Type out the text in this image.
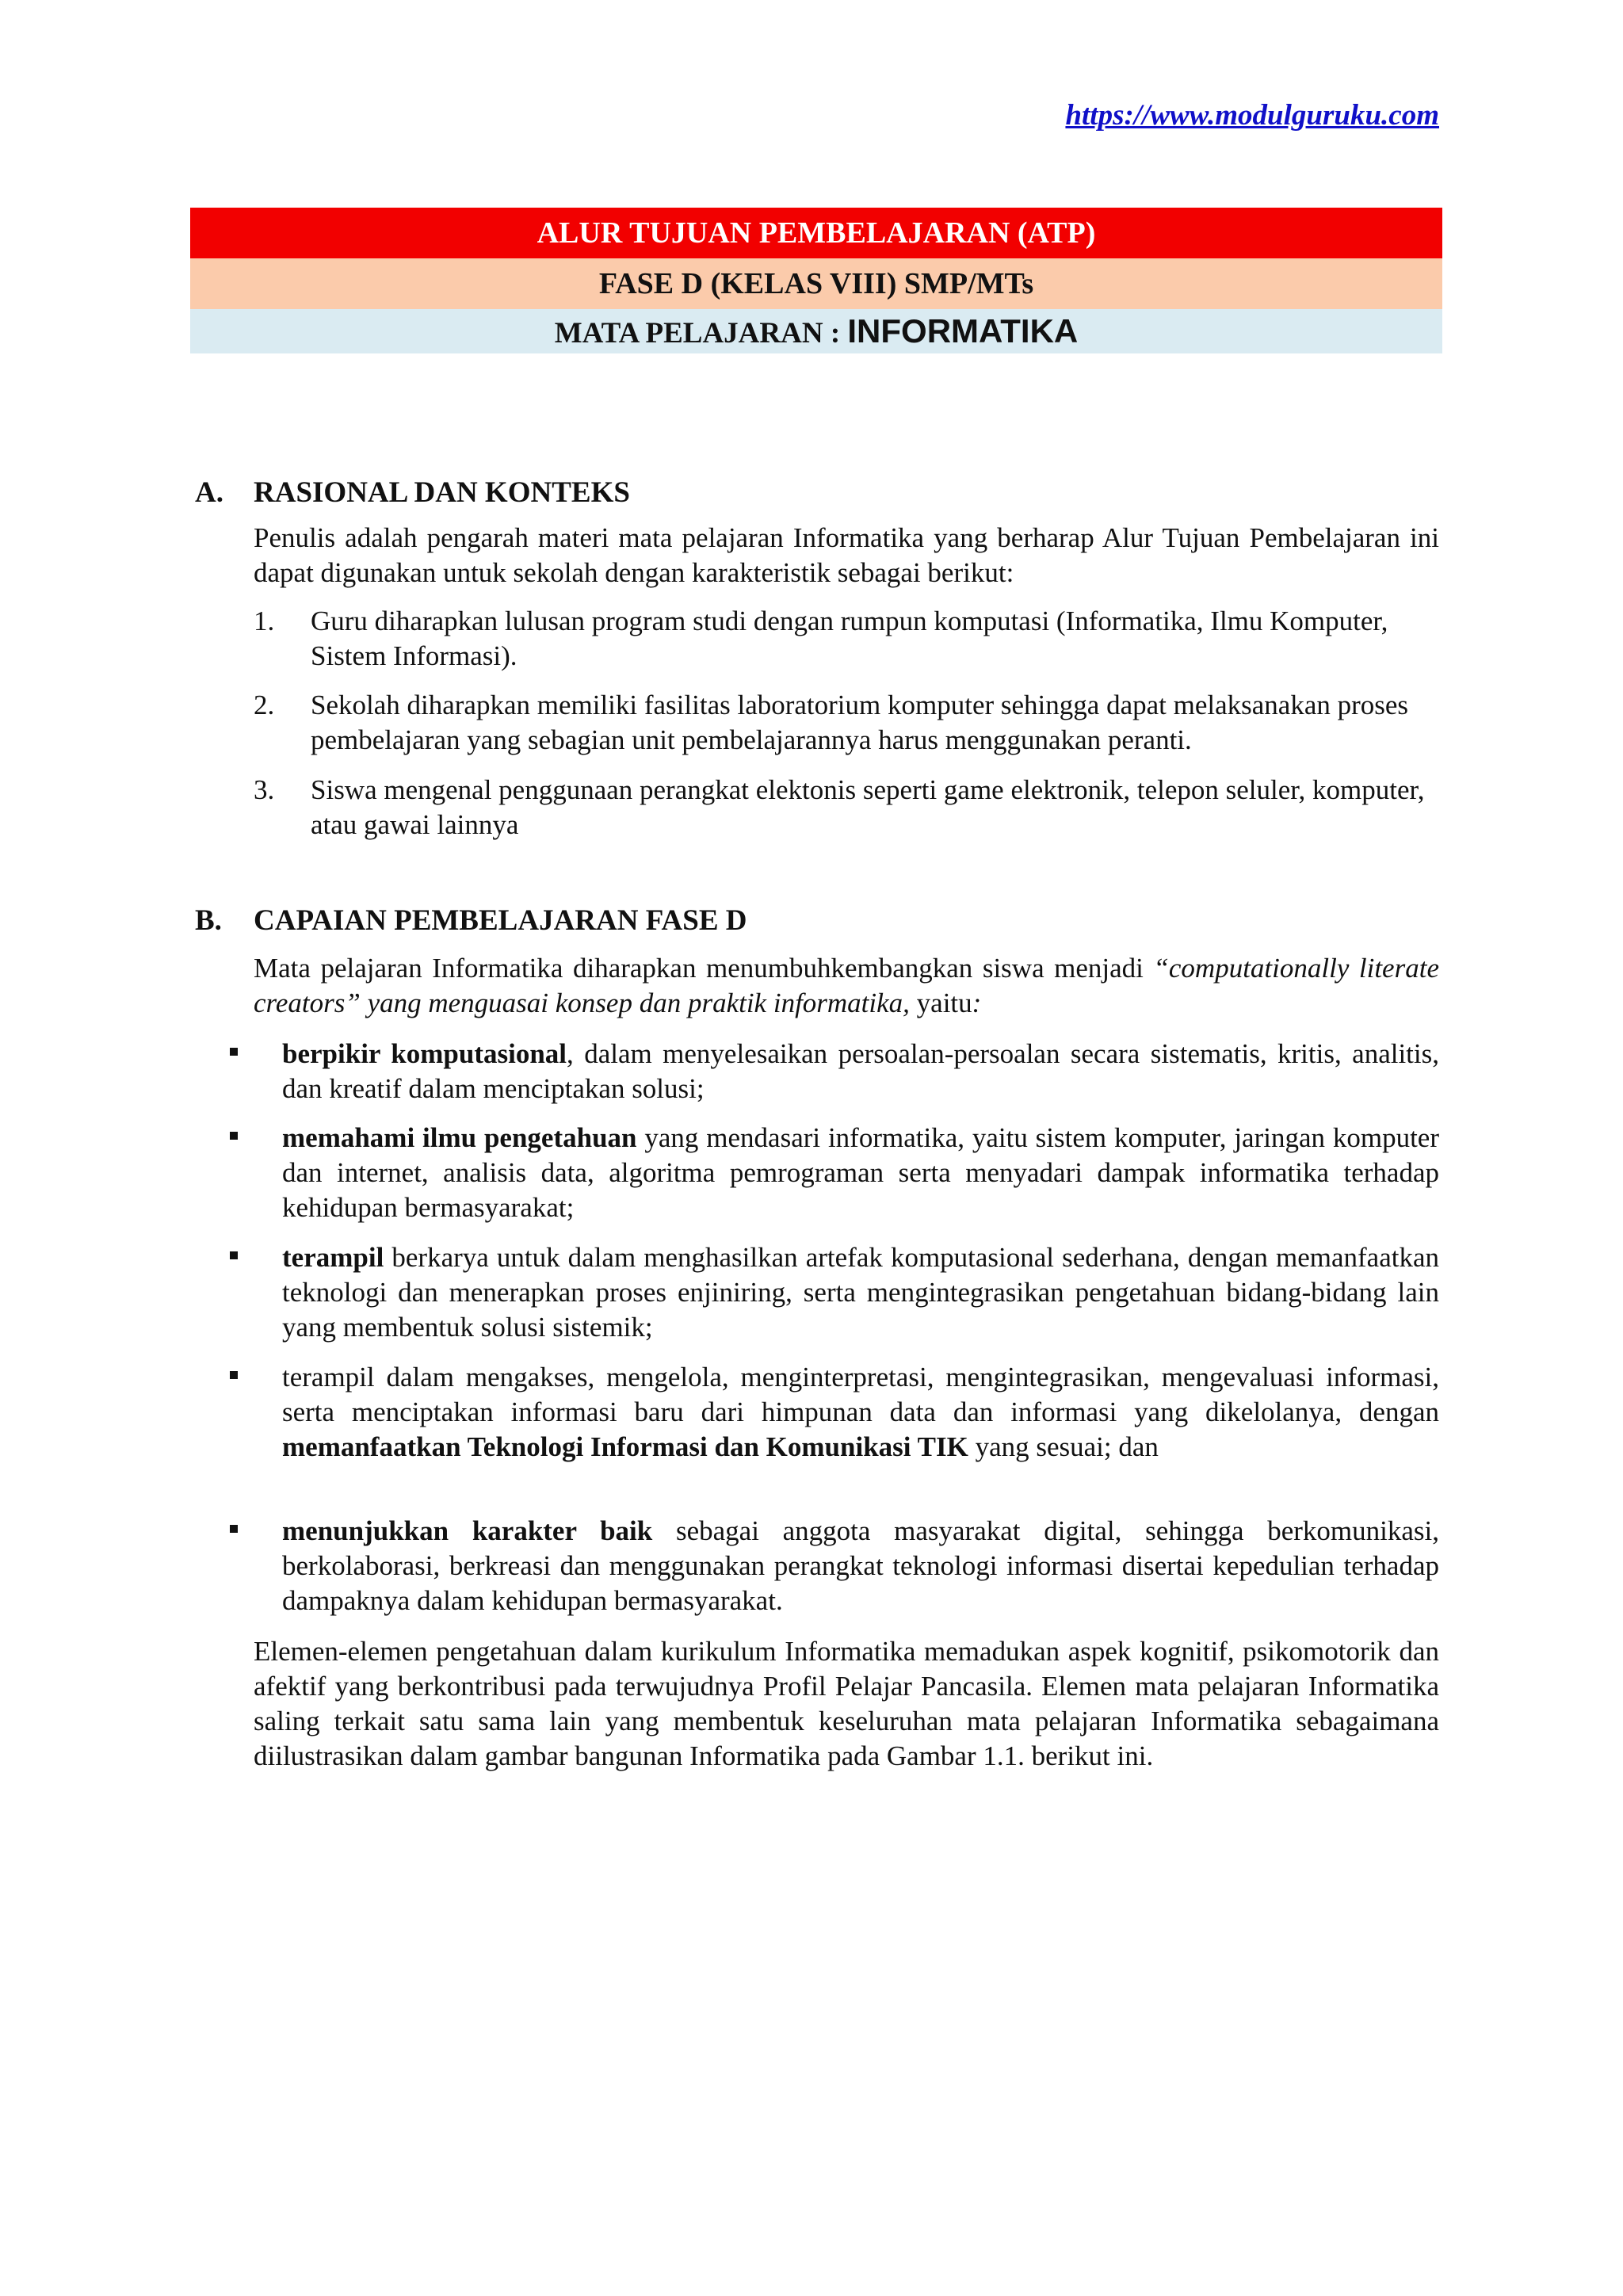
https://www.modulguruku.com
ALUR TUJUAN PEMBELAJARAN (ATP)
FASE D (KELAS VIII) SMP/MTs
MATA PELAJARAN : INFORMATIKA
A. RASIONAL DAN KONTEKS
Penulis adalah pengarah materi mata pelajaran Informatika yang berharap Alur Tujuan Pembelajaran ini dapat digunakan untuk sekolah dengan karakteristik sebagai berikut:
1. Guru diharapkan lulusan program studi dengan rumpun komputasi (Informatika, Ilmu Komputer, Sistem Informasi).
2. Sekolah diharapkan memiliki fasilitas laboratorium komputer sehingga dapat melaksanakan proses pembelajaran yang sebagian unit pembelajarannya harus menggunakan peranti.
3. Siswa mengenal penggunaan perangkat elektonis seperti game elektronik, telepon seluler, komputer, atau gawai lainnya
B. CAPAIAN PEMBELAJARAN FASE D
Mata pelajaran Informatika diharapkan menumbuhkembangkan siswa menjadi “computationally literate creators” yang menguasai konsep dan praktik informatika, yaitu:
berpikir komputasional, dalam menyelesaikan persoalan-persoalan secara sistematis, kritis, analitis, dan kreatif dalam menciptakan solusi;
memahami ilmu pengetahuan yang mendasari informatika, yaitu sistem komputer, jaringan komputer dan internet, analisis data, algoritma pemrograman serta menyadari dampak informatika terhadap kehidupan bermasyarakat;
terampil berkarya untuk dalam menghasilkan artefak komputasional sederhana, dengan memanfaatkan teknologi dan menerapkan proses enjiniring, serta mengintegrasikan pengetahuan bidang-bidang lain yang membentuk solusi sistemik;
terampil dalam mengakses, mengelola, menginterpretasi, mengintegrasikan, mengevaluasi informasi, serta menciptakan informasi baru dari himpunan data dan informasi yang dikelolanya, dengan memanfaatkan Teknologi Informasi dan Komunikasi TIK yang sesuai; dan
menunjukkan karakter baik sebagai anggota masyarakat digital, sehingga berkomunikasi, berkolaborasi, berkreasi dan menggunakan perangkat teknologi informasi disertai kepedulian terhadap dampaknya dalam kehidupan bermasyarakat.
Elemen-elemen pengetahuan dalam kurikulum Informatika memadukan aspek kognitif, psikomotorik dan afektif yang berkontribusi pada terwujudnya Profil Pelajar Pancasila. Elemen mata pelajaran Informatika saling terkait satu sama lain yang membentuk keseluruhan mata pelajaran Informatika sebagaimana diilustrasikan dalam gambar bangunan Informatika pada Gambar 1.1. berikut ini.
